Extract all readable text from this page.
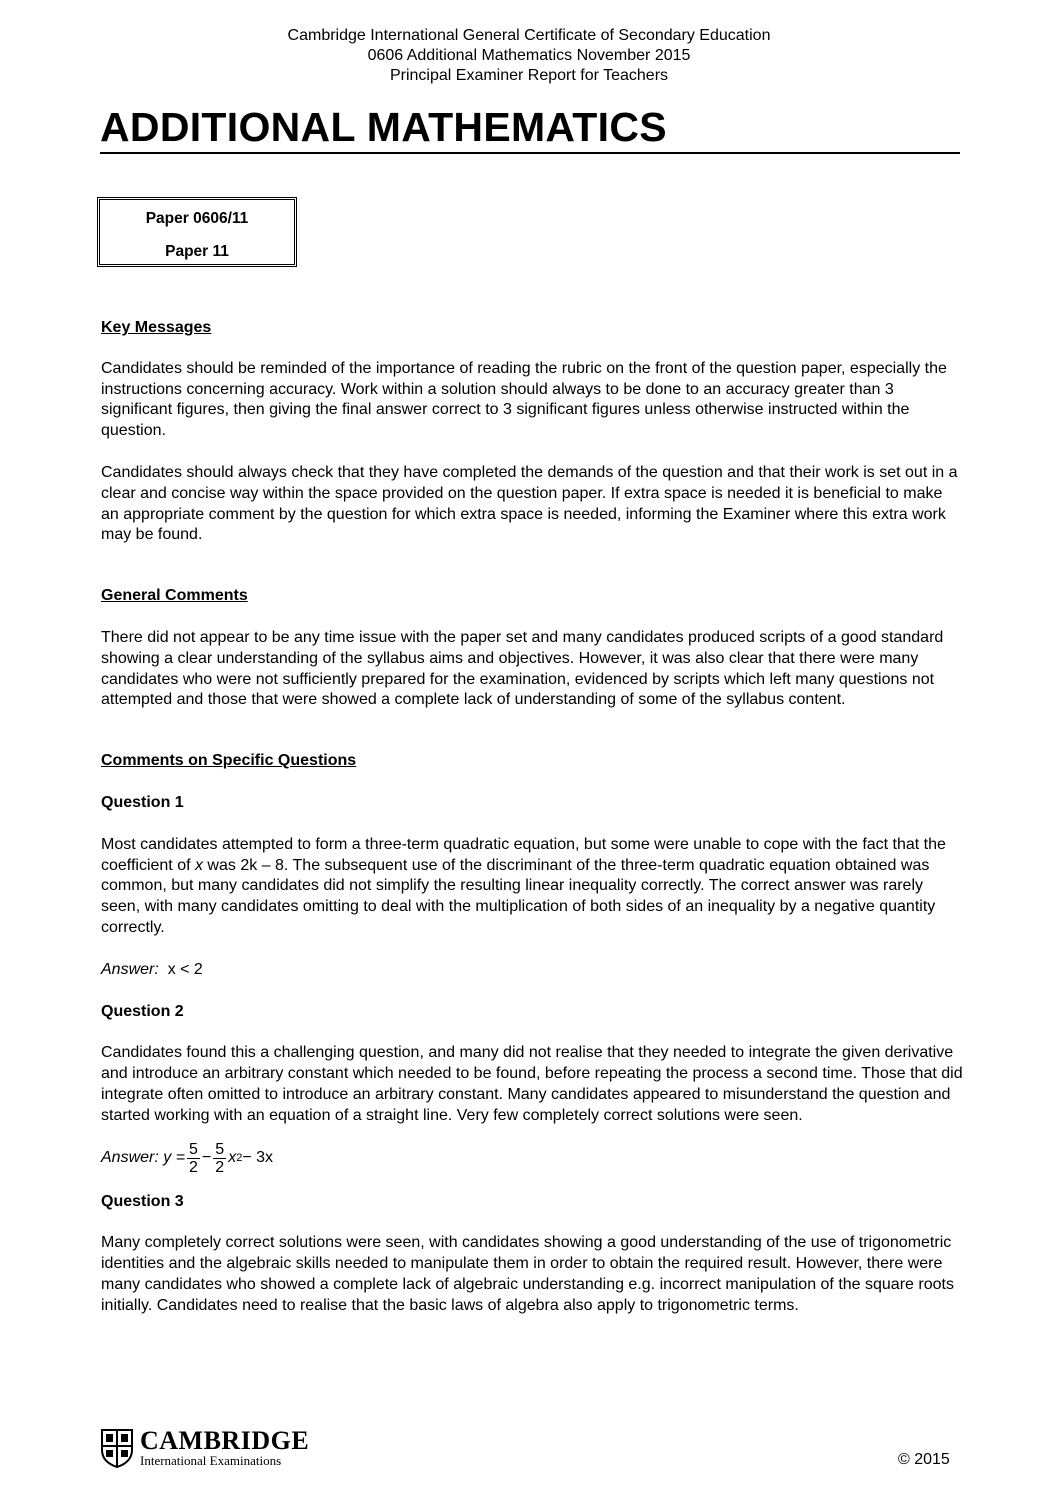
Cambridge International General Certificate of Secondary Education
0606 Additional Mathematics November 2015
Principal Examiner Report for Teachers
ADDITIONAL MATHEMATICS
Paper 0606/11
Paper 11

Key Messages

Candidates should be reminded of the importance of reading the rubric on the front of the question paper, especially the instructions concerning accuracy. Work within a solution should always to be done to an accuracy greater than 3 significant figures, then giving the final answer correct to 3 significant figures unless otherwise instructed within the question.

Candidates should always check that they have completed the demands of the question and that their work is set out in a clear and concise way within the space provided on the question paper. If extra space is needed it is beneficial to make an appropriate comment by the question for which extra space is needed, informing the Examiner where this extra work may be found.

General Comments

There did not appear to be any time issue with the paper set and many candidates produced scripts of a good standard showing a clear understanding of the syllabus aims and objectives. However, it was also clear that there were many candidates who were not sufficiently prepared for the examination, evidenced by scripts which left many questions not attempted and those that were showed a complete lack of understanding of some of the syllabus content.

Comments on Specific Questions

Question 1

Most candidates attempted to form a three-term quadratic equation, but some were unable to cope with the fact that the coefficient of x was 2k – 8. The subsequent use of the discriminant of the three-term quadratic equation obtained was common, but many candidates did not simplify the resulting linear inequality correctly. The correct answer was rarely seen, with many candidates omitting to deal with the multiplication of both sides of an inequality by a negative quantity correctly.

Answer: x < 2

Question 2

Candidates found this a challenging question, and many did not realise that they needed to integrate the given derivative and introduce an arbitrary constant which needed to be found, before repeating the process a second time. Those that did integrate often omitted to introduce an arbitrary constant. Many candidates appeared to misunderstand the question and started working with an equation of a straight line. Very few completely correct solutions were seen.

Answer:
$y = \frac{5}{2} - \frac{5}{2}$ x 2 − 3x

Question 3

Many completely correct solutions were seen, with candidates showing a good understanding of the use of trigonometric identities and the algebraic skills needed to manipulate them in order to obtain the required result. However, there were many candidates who showed a complete lack of algebraic understanding e.g. incorrect manipulation of the square roots initially. Candidates need to realise that the basic laws of algebra also apply to trigonometric terms.

CAMBRIDGE
International Examinations	© 2015
